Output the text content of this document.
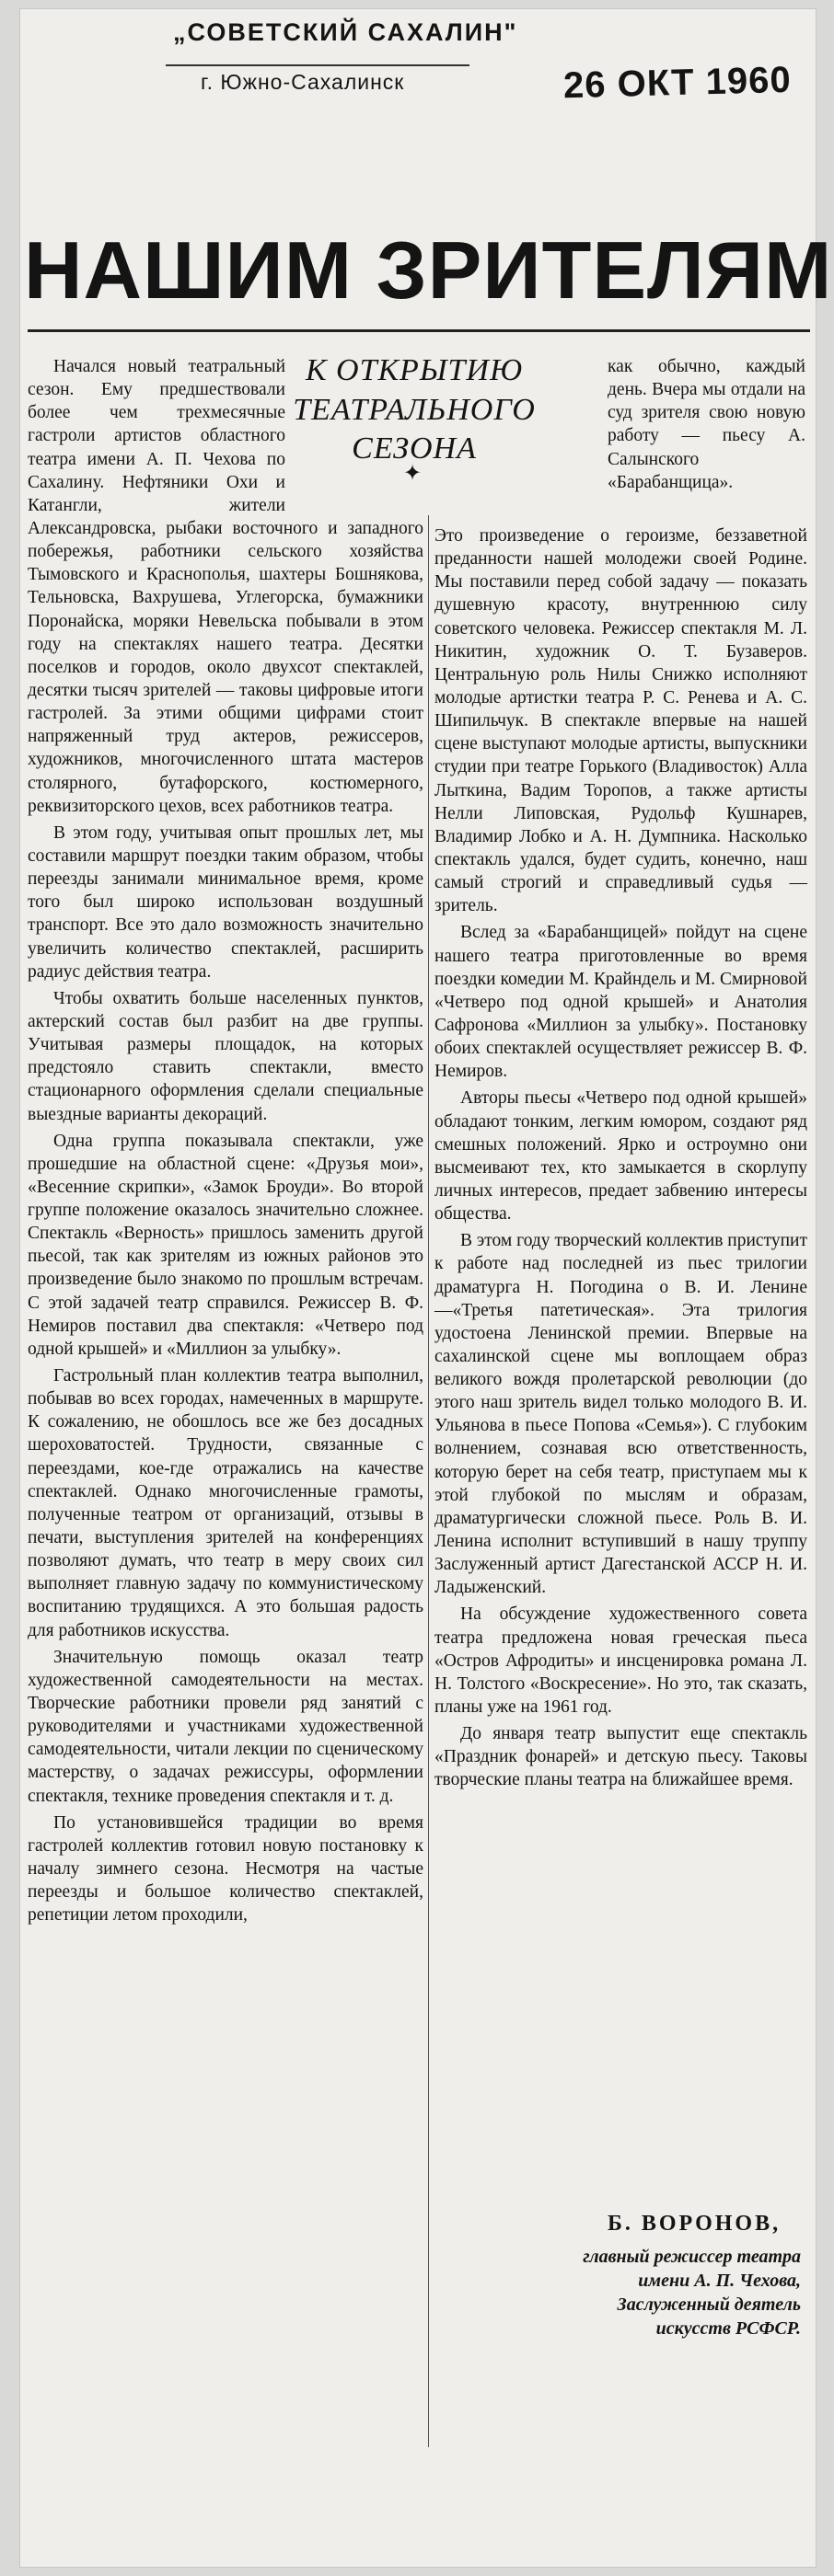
„СОВЕТСКИЙ САХАЛИН"
г. Южно-Сахалинск	26 ОКТ 1960
НАШИМ ЗРИТЕЛЯМ
К ОТКРЫТИЮ ТЕАТРАЛЬНОГО СЕЗОНА
✦

Начался новый театральный сезон. Ему предшествовали более чем трехмесячные гастроли артистов областного театра имени А. П. Чехова по Сахалину. Нефтяники Охи и Катангли, жители Александровска, рыбаки восточного и западного побережья, работники сельского хозяйства Тымовского и Краснополья, шахтеры Бошнякова, Тельновска, Вахрушева, Углегорска, бумажники Поронайска, моряки Невельска побывали в этом году на спектаклях нашего театра. Десятки поселков и городов, около двухсот спектаклей, десятки тысяч зрителей — таковы цифровые итоги гастролей. За этими общими цифрами стоит напряженный труд актеров, режиссеров, художников, многочисленного штата мастеров столярного, бутафорского, костюмерного, реквизиторского цехов, всех работников театра.

В этом году, учитывая опыт прошлых лет, мы составили маршрут поездки таким образом, чтобы переезды занимали минимальное время, кроме того был широко использован воздушный транспорт. Все это дало возможность значительно увеличить количество спектаклей, расширить радиус действия театра.

Чтобы охватить больше населенных пунктов, актерский состав был разбит на две группы. Учитывая размеры площадок, на которых предстояло ставить спектакли, вместо стационарного оформления сделали специальные выездные варианты декораций.

Одна группа показывала спектакли, уже прошедшие на областной сцене: «Друзья мои», «Весенние скрипки», «Замок Броуди». Во второй группе положение оказалось значительно сложнее. Спектакль «Верность» пришлось заменить другой пьесой, так как зрителям из южных районов это произведение было знакомо по прошлым встречам. С этой задачей театр справился. Режиссер В. Ф. Немиров поставил два спектакля: «Четверо под одной крышей» и «Миллион за улыбку».

Гастрольный план коллектив театра выполнил, побывав во всех городах, намеченных в маршруте. К сожалению, не обошлось все же без досадных шероховатостей. Трудности, связанные с переездами, кое-где отражались на качестве спектаклей. Однако многочисленные грамоты, полученные театром от организаций, отзывы в печати, выступления зрителей на конференциях позволяют думать, что театр в меру своих сил выполняет главную задачу по коммунистическому воспитанию трудящихся. А это большая радость для работников искусства.

Значительную помощь оказал театр художественной самодеятельности на местах. Творческие работники провели ряд занятий с руководителями и участниками художественной самодеятельности, читали лекции по сценическому мастерству, о задачах режиссуры, оформлении спектакля, технике проведения спектакля и т. д.

По установившейся традиции во время гастролей коллектив готовил новую постановку к началу зимнего сезона. Несмотря на частые переезды и большое количество спектаклей, репетиции летом проходили,

как обычно, каждый день. Вчера мы отдали на суд зрителя свою новую работу — пьесу А. Салынского «Барабанщица».

Это произведение о героизме, беззаветной преданности нашей молодежи своей Родине. Мы поставили перед собой задачу — показать душевную красоту, внутреннюю силу советского человека. Режиссер спектакля М. Л. Никитин, художник О. Т. Бузаверов. Центральную роль Нилы Снижко исполняют молодые артистки театра Р. С. Ренева и А. С. Шипильчук. В спектакле впервые на нашей сцене выступают молодые артисты, выпускники студии при театре Горького (Владивосток) Алла Лыткина, Вадим Торопов, а также артисты Нелли Липовская, Рудольф Кушнарев, Владимир Лобко и А. Н. Думпника. Насколько спектакль удался, будет судить, конечно, наш самый строгий и справедливый судья — зритель.

Вслед за «Барабанщицей» пойдут на сцене нашего театра приготовленные во время поездки комедии М. Крайндель и М. Смирновой «Четверо под одной крышей» и Анатолия Сафронова «Миллион за улыбку». Постановку обоих спектаклей осуществляет режиссер В. Ф. Немиров.

Авторы пьесы «Четверо под одной крышей» обладают тонким, легким юмором, создают ряд смешных положений. Ярко и остроумно они высмеивают тех, кто замыкается в скорлупу личных интересов, предает забвению интересы общества.

В этом году творческий коллектив приступит к работе над последней из пьес трилогии драматурга Н. Погодина о В. И. Ленине—«Третья патетическая». Эта трилогия удостоена Ленинской премии. Впервые на сахалинской сцене мы воплощаем образ великого вождя пролетарской революции (до этого наш зритель видел только молодого В. И. Ульянова в пьесе Попова «Семья»). С глубоким волнением, сознавая всю ответственность, которую берет на себя театр, приступаем мы к этой глубокой по мыслям и образам, драматургически сложной пьесе. Роль В. И. Ленина исполнит вступивший в нашу труппу Заслуженный артист Дагестанской АССР Н. И. Ладыженский.

На обсуждение художественного совета театра предложена новая греческая пьеса «Остров Афродиты» и инсценировка романа Л. Н. Толстого «Воскресение». Но это, так сказать, планы уже на 1961 год.

До января театр выпустит еще спектакль «Праздник фонарей» и детскую пьесу. Таковы творческие планы театра на ближайшее время.

Б. ВОРОНОВ,
главный режиссер театра
имени А. П. Чехова,
Заслуженный деятель
искусств РСФСР.
